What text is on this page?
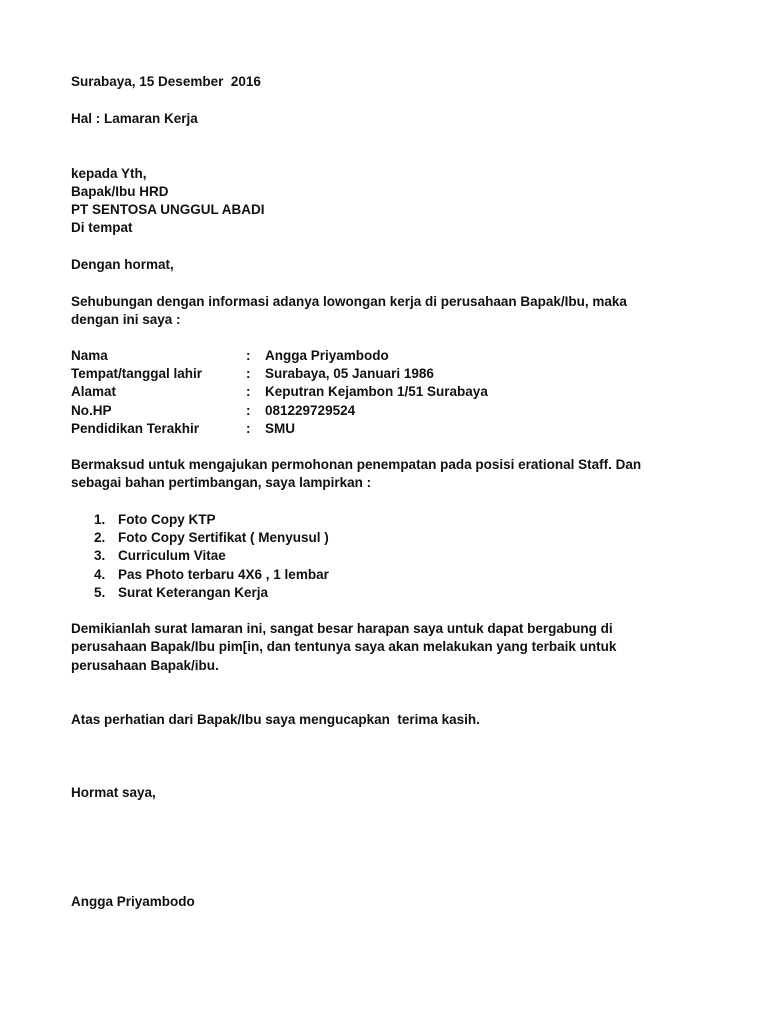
Surabaya, 15 Desember  2016
Hal : Lamaran Kerja
kepada Yth,
Bapak/Ibu HRD
PT SENTOSA UNGGUL ABADI
Di tempat
Dengan hormat,
Sehubungan dengan informasi adanya lowongan kerja di perusahaan Bapak/Ibu, maka
dengan ini saya :
Nama	: Angga Priyambodo
Tempat/tanggal lahir	: Surabaya, 05 Januari 1986
Alamat	: Keputran Kejambon 1/51 Surabaya
No.HP	: 081229729524
Pendidikan Terakhir	: SMU
Bermaksud untuk mengajukan permohonan penempatan pada posisi erational Staff. Dan
sebagai bahan pertimbangan, saya lampirkan :
1. Foto Copy KTP
2. Foto Copy Sertifikat ( Menyusul )
3. Curriculum Vitae
4. Pas Photo terbaru 4X6 , 1 lembar
5. Surat Keterangan Kerja
Demikianlah surat lamaran ini, sangat besar harapan saya untuk dapat bergabung di
perusahaan Bapak/Ibu pim[in, dan tentunya saya akan melakukan yang terbaik untuk
perusahaan Bapak/ibu.
Atas perhatian dari Bapak/Ibu saya mengucapkan  terima kasih.
Hormat saya,
Angga Priyambodo
